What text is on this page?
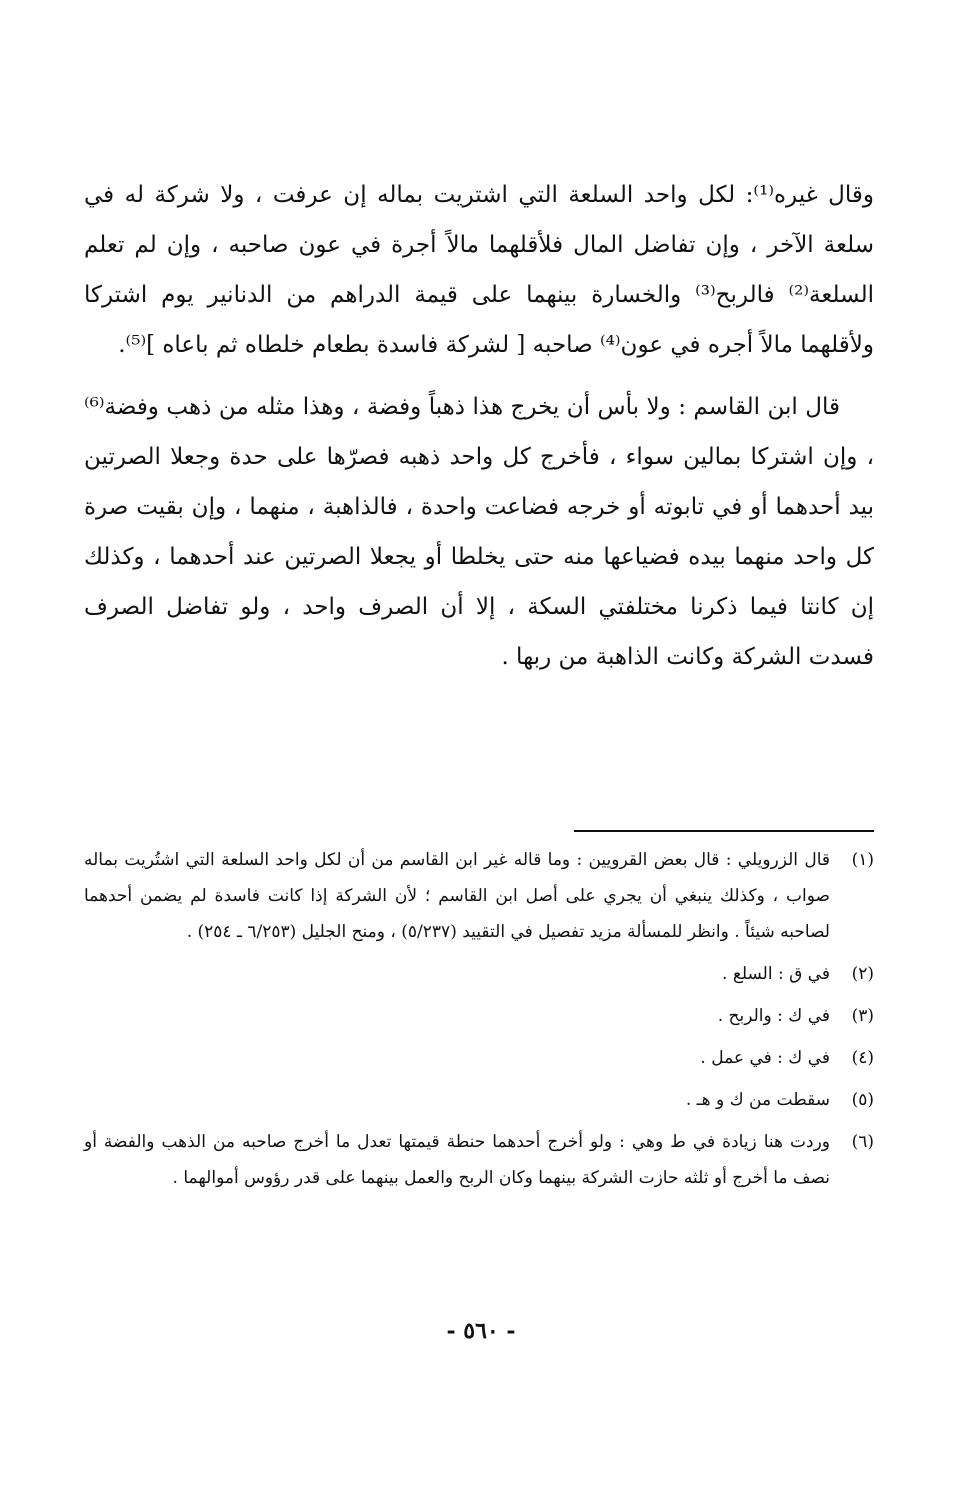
وقال غيره⁽¹⁾: لكل واحد السلعة التي اشتريت بماله إن عرفت ، ولا شركة له في سلعة الآخر ، وإن تفاضل المال فلأقلهما مالاً أجرة في عون صاحبه ، وإن لم تعلم السلعة⁽²⁾ فالربح⁽³⁾ والخسارة بينهما على قيمة الدراهم من الدنانير يوم اشتركا ولأقلهما مالاً أجره في عون⁽⁴⁾ صاحبه [ لشركة فاسدة بطعام خلطاه ثم باعاه ]⁽⁵⁾.

قال ابن القاسم : ولا بأس أن يخرج هذا ذهباً وفضة ، وهذا مثله من ذهب وفضة⁽⁶⁾ ، وإن اشتركا بمالين سواء ، فأخرج كل واحد ذهبه فصرّها على حدة وجعلا الصرتين بيد أحدهما أو في تابوته أو خرجه فضاعت واحدة ، فالذاهبة ، منهما ، وإن بقيت صرة كل واحد منهما بيده فضياعها منه حتى يخلطا أو يجعلا الصرتين عند أحدهما ، وكذلك إن كانتا فيما ذكرنا مختلفتي السكة ، إلا أن الصرف واحد ، ولو تفاضل الصرف فسدت الشركة وكانت الذاهبة من ربها .

(١)
قال الزرويلي : قال بعض القرويين : وما قاله غير ابن القاسم من أن لكل واحد السلعة التي اشتُريت بماله صواب ، وكذلك ينبغي أن يجري على أصل ابن القاسم ؛ لأن الشركة إذا كانت فاسدة لم يضمن أحدهما لصاحبه شيئاً . وانظر للمسألة مزيد تفصيل في التقييد (٥/٢٣٧) ، ومنح الجليل (٦/٢٥٣ ـ ٢٥٤) .
(٢)
في ق : السلع .
(٣)
في ك : والربح .
(٤)
في ك : في عمل .
(٥)
سقطت من ك و هـ .
(٦)
وردت هنا زيادة في ط وهي : ولو أخرج أحدهما حنطة قيمتها تعدل ما أخرج صاحبه من الذهب والفضة أو نصف ما أخرج أو ثلثه حازت الشركة بينهما وكان الربح والعمل بينهما على قدر رؤوس أموالهما .
- ٥٦٠ -
